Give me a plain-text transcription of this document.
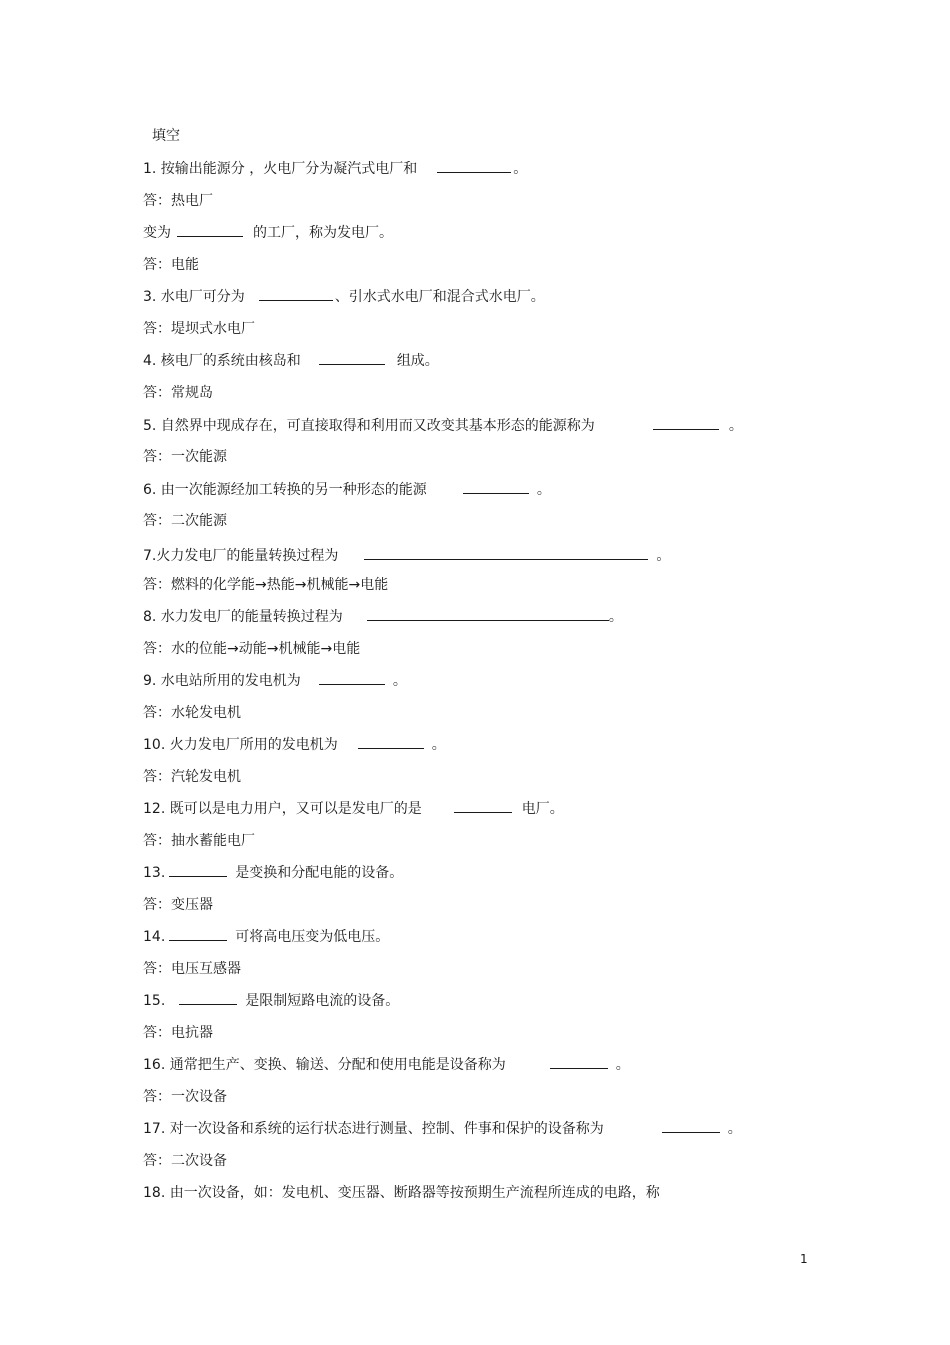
填空
1. 按输出能源分 ，火电厂分为凝汽式电厂和	。
答：热电厂
变为	的工厂，称为发电厂。
答：电能
3. 水电厂可分为	、引水式水电厂和混合式水电厂。
答：堤坝式水电厂
4. 核电厂的系统由核岛和	组成。
答：常规岛
5. 自然界中现成存在，可直接取得和利用而又改变其基本形态的能源称为	。
答：一次能源
6. 由一次能源经加工转换的另一种形态的能源	。
答：二次能源
7.火力发电厂的能量转换过程为	。
答：燃料的化学能→热能→机械能→电能
8. 水力发电厂的能量转换过程为	。
答：水的位能→动能→机械能→电能
9. 水电站所用的发电机为	。
答：水轮发电机
10. 火力发电厂所用的发电机为	。
答：汽轮发电机
12. 既可以是电力用户，又可以是发电厂的是	电厂。
答：抽水蓄能电厂
13.	是变换和分配电能的设备。
答：变压器
14.	可将高电压变为低电压。
答：电压互感器
15.	是限制短路电流的设备。
答：电抗器
16. 通常把生产、变换、输送、分配和使用电能是设备称为	。
答：一次设备
17. 对一次设备和系统的运行状态进行测量、控制、件事和保护的设备称为	。
答：二次设备
18. 由一次设备，如：发电机、变压器、断路器等按预期生产流程所连成的电路，称
1
